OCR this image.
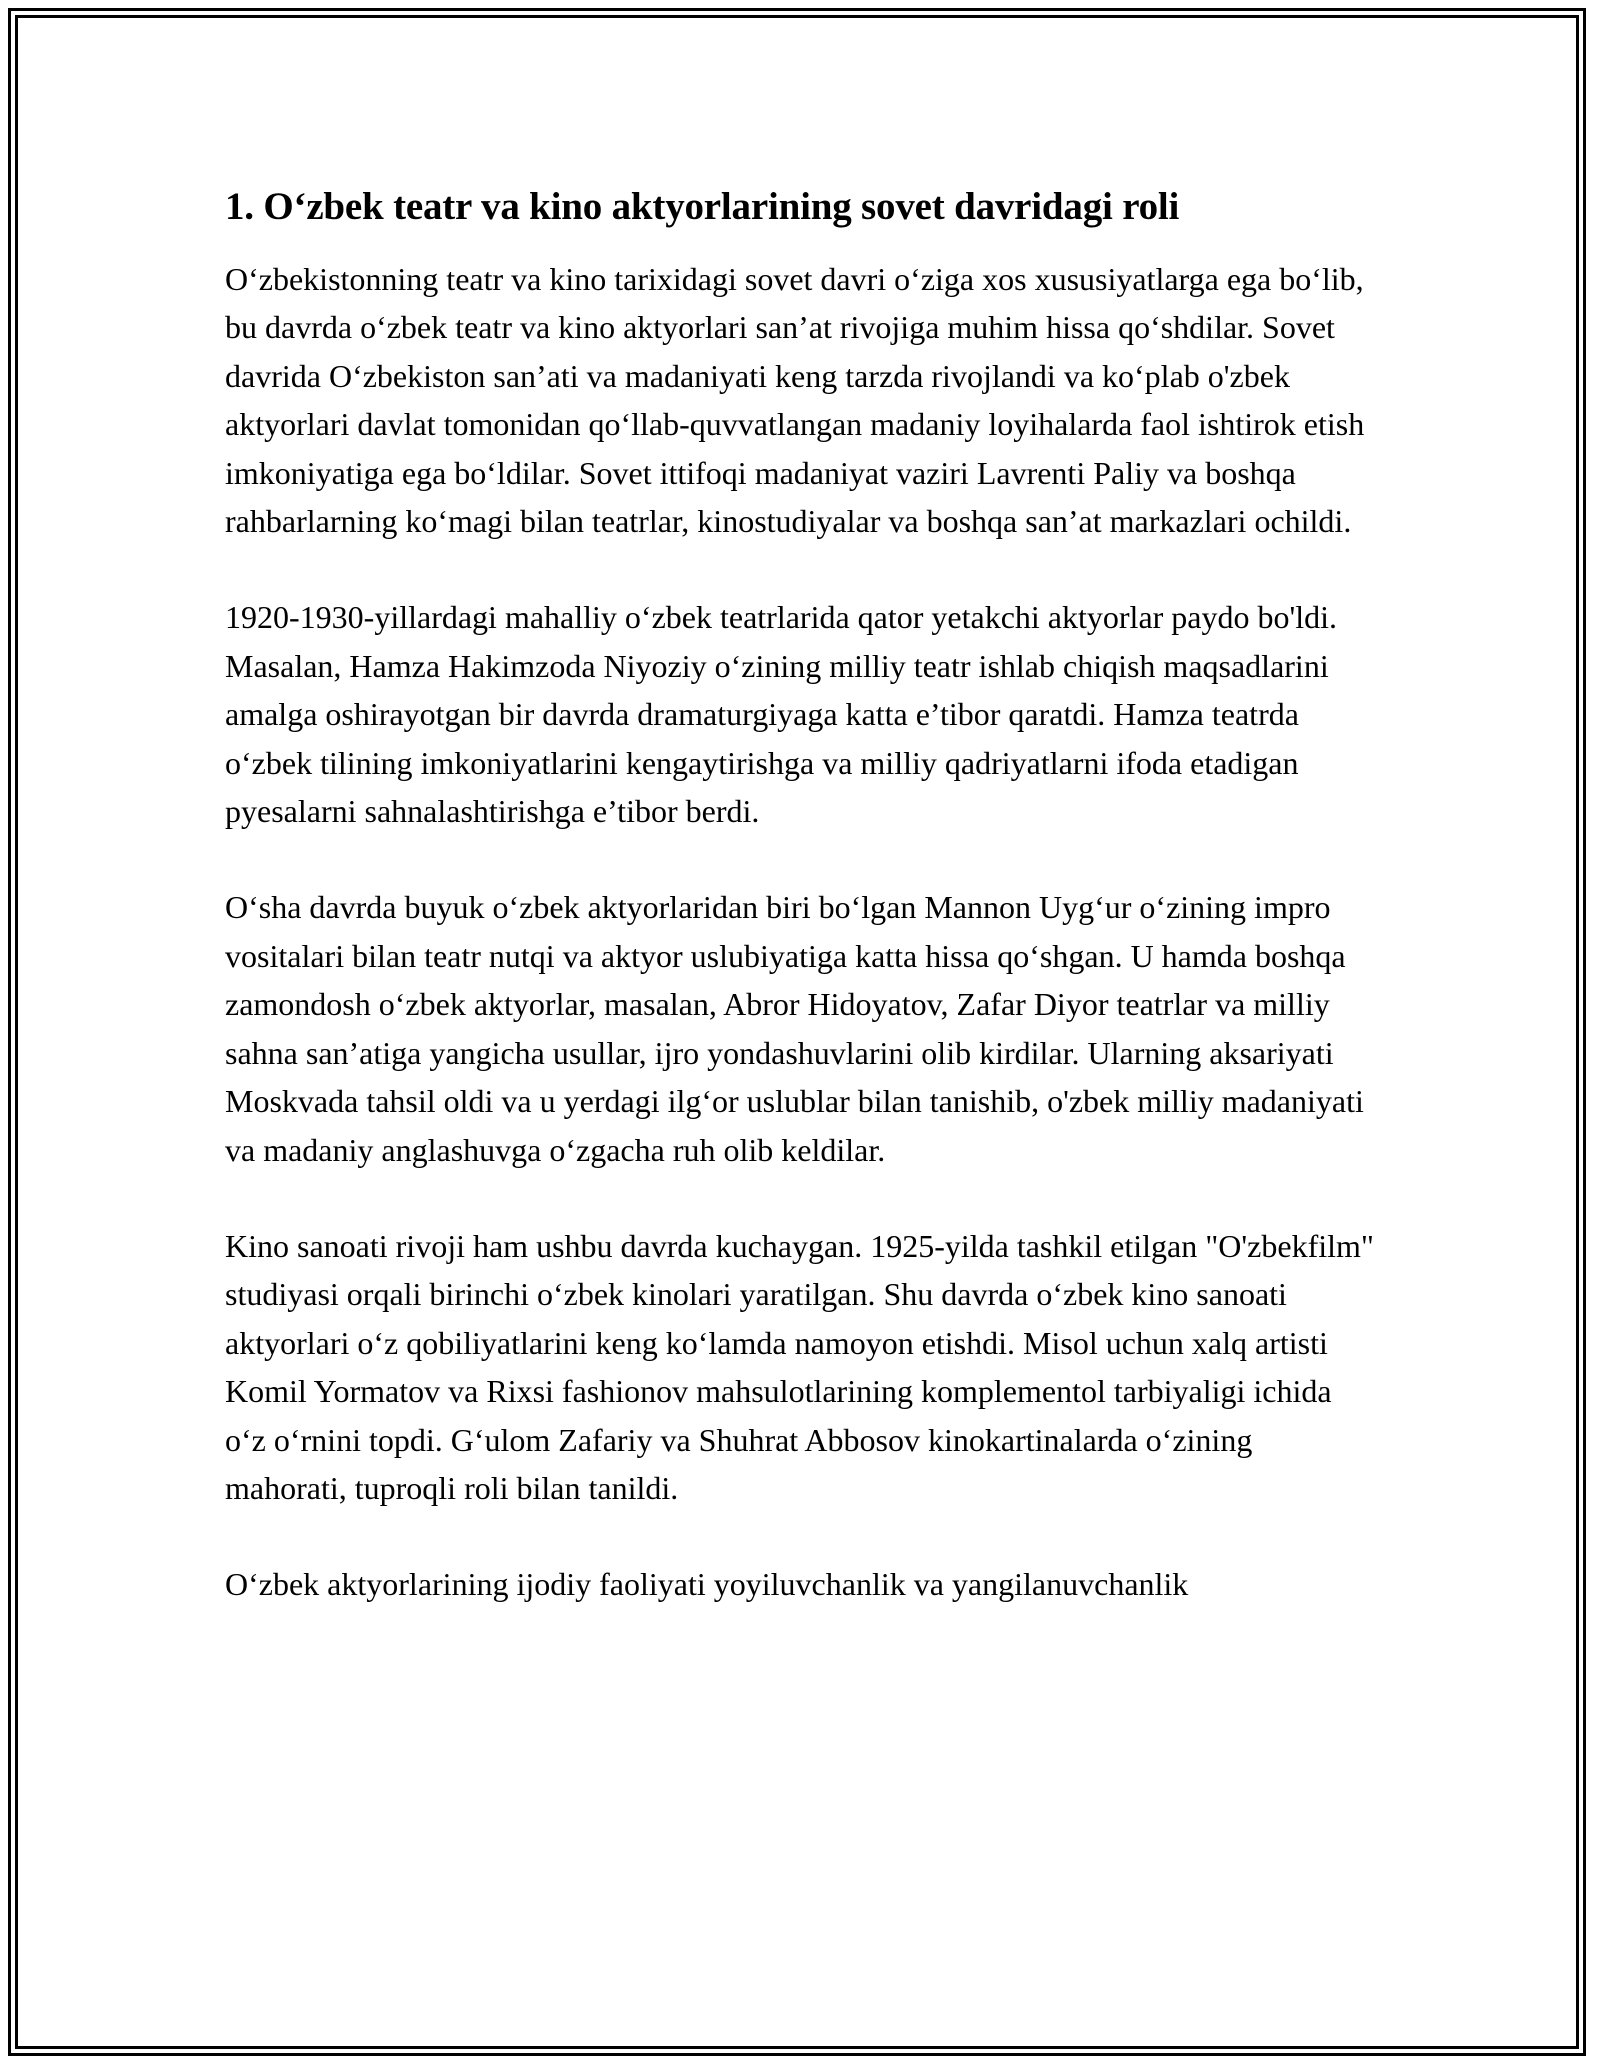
1. O‘zbek teatr va kino aktyorlarining sovet davridagi roli

O‘zbekistonning teatr va kino tarixidagi sovet davri o‘ziga xos xususiyatlarga ega bo‘lib, bu davrda o‘zbek teatr va kino aktyorlari san’at rivojiga muhim hissa qo‘shdilar. Sovet davrida O‘zbekiston san’ati va madaniyati keng tarzda rivojlandi va ko‘plab o'zbek aktyorlari davlat tomonidan qo‘llab-quvvatlangan madaniy loyihalarda faol ishtirok etish imkoniyatiga ega bo‘ldilar. Sovet ittifoqi madaniyat vaziri Lavrenti Paliy va boshqa rahbarlarning ko‘magi bilan teatrlar, kinostudiyalar va boshqa san’at markazlari ochildi.

1920-1930-yillardagi mahalliy o‘zbek teatrlarida qator yetakchi aktyorlar paydo bo'ldi. Masalan, Hamza Hakimzoda Niyoziy o‘zining milliy teatr ishlab chiqish maqsadlarini amalga oshirayotgan bir davrda dramaturgiyaga katta e’tibor qaratdi. Hamza teatrda o‘zbek tilining imkoniyatlarini kengaytirishga va milliy qadriyatlarni ifoda etadigan pyesalarni sahnalashtirishga e’tibor berdi.

O‘sha davrda buyuk o‘zbek aktyorlaridan biri bo‘lgan Mannon Uyg‘ur o‘zining impro vositalari bilan teatr nutqi va aktyor uslubiyatiga katta hissa qo‘shgan. U hamda boshqa zamondosh o‘zbek aktyorlar, masalan, Abror Hidoyatov, Zafar Diyor teatrlar va milliy sahna san’atiga yangicha usullar, ijro yondashuvlarini olib kirdilar. Ularning aksariyati Moskvada tahsil oldi va u yerdagi ilg‘or uslublar bilan tanishib, o'zbek milliy madaniyati va madaniy anglashuvga o‘zgacha ruh olib keldilar.

Kino sanoati rivoji ham ushbu davrda kuchaygan. 1925-yilda tashkil etilgan "O'zbekfilm" studiyasi orqali birinchi o‘zbek kinolari yaratilgan. Shu davrda o‘zbek kino sanoati aktyorlari o‘z qobiliyatlarini keng ko‘lamda namoyon etishdi. Misol uchun xalq artisti Komil Yormatov va Rixsi fashionov mahsulotlarining komplementol tarbiyaligi ichida o‘z o‘rnini topdi. G‘ulom Zafariy va Shuhrat Abbosov kinokartinalarda o‘zining mahorati, tuproqli roli bilan tanildi.

O‘zbek aktyorlarining ijodiy faoliyati yoyiluvchanlik va yangilanuvchanlik
